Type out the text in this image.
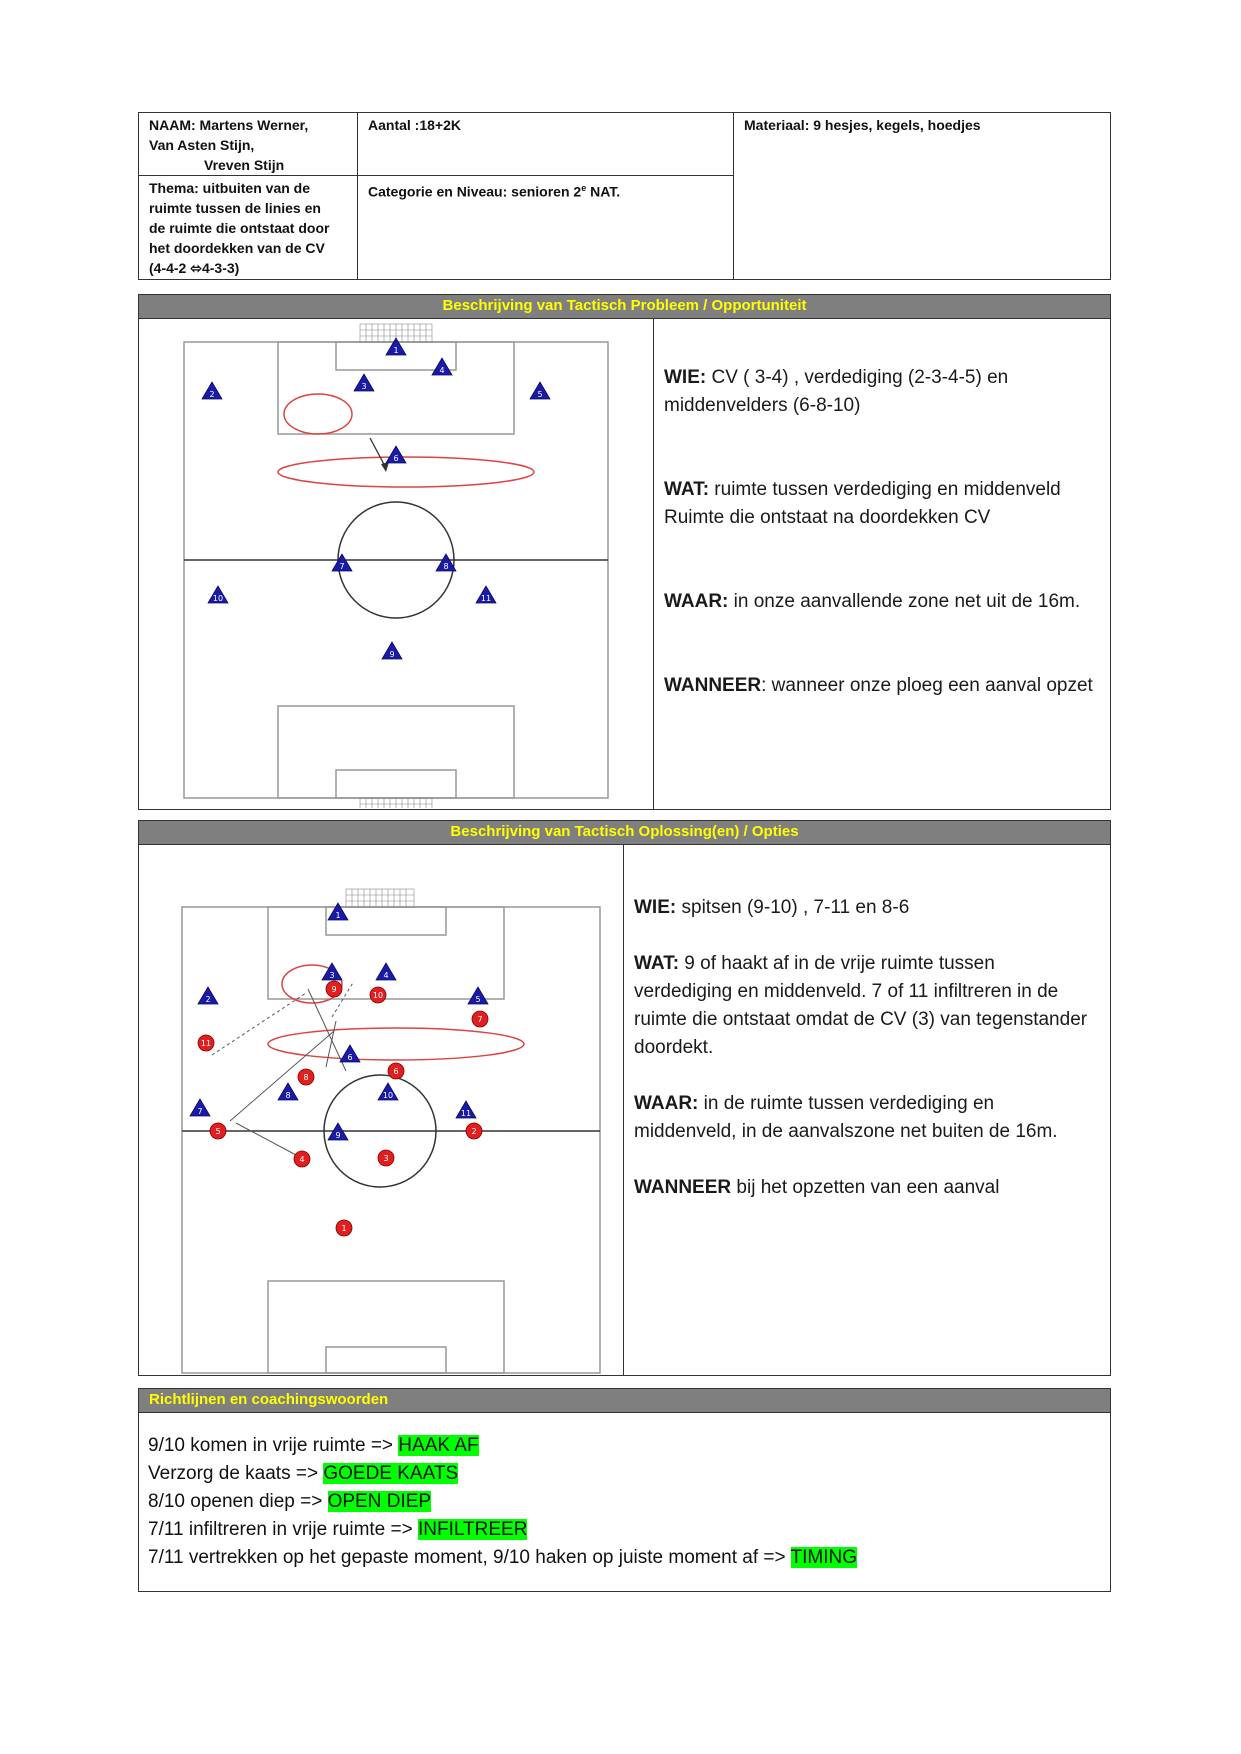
NAAM: Martens Werner,
Van Asten Stijn,
Vreven Stijn
Aantal :18+2K	Materiaal: 9 hesjes, kegels, hoedjes
Thema: uitbuiten van de
ruimte tussen de linies en
de ruimte die ontstaat door
het doordekken van de CV
(4-4-2 ⬄4-3-3)
Categorie en Niveau: senioren 2e NAT.
Beschrijving van Tactisch Probleem / Opportuniteit
1
2
3
4
5
6
7	8
10	11
9
WIE: CV ( 3-4) , verdediging (2-3-4-5) en middenvelders (6-8-10)
WAT: ruimte tussen verdediging en middenveld
Ruimte die ontstaat na doordekken CV
WAAR: in onze aanvallende zone net uit de 16m.
WANNEER: wanneer onze ploeg een aanval opzet
Beschrijving van Tactisch Oplossing(en) / Opties
1
3	4
2	5
6
8	10
7	11
9
9
10
7
11
6
8
5	2
4	3
1
WIE: spitsen (9-10) , 7-11 en 8-6
WAT: 9 of haakt af in de vrije ruimte tussen verdediging en middenveld. 7 of 11 infiltreren in de ruimte die ontstaat omdat de CV (3) van tegenstander doordekt.
WAAR: in de ruimte tussen verdediging en middenveld, in de aanvalszone net buiten de 16m.
WANNEER bij het opzetten van een aanval
Richtlijnen en coachingswoorden
9/10 komen in vrije ruimte => HAAK AF
Verzorg de kaats => GOEDE KAATS
8/10 openen diep => OPEN DIEP
7/11 infiltreren in vrije ruimte => INFILTREER
7/11 vertrekken op het gepaste moment, 9/10 haken op juiste moment af => TIMING
